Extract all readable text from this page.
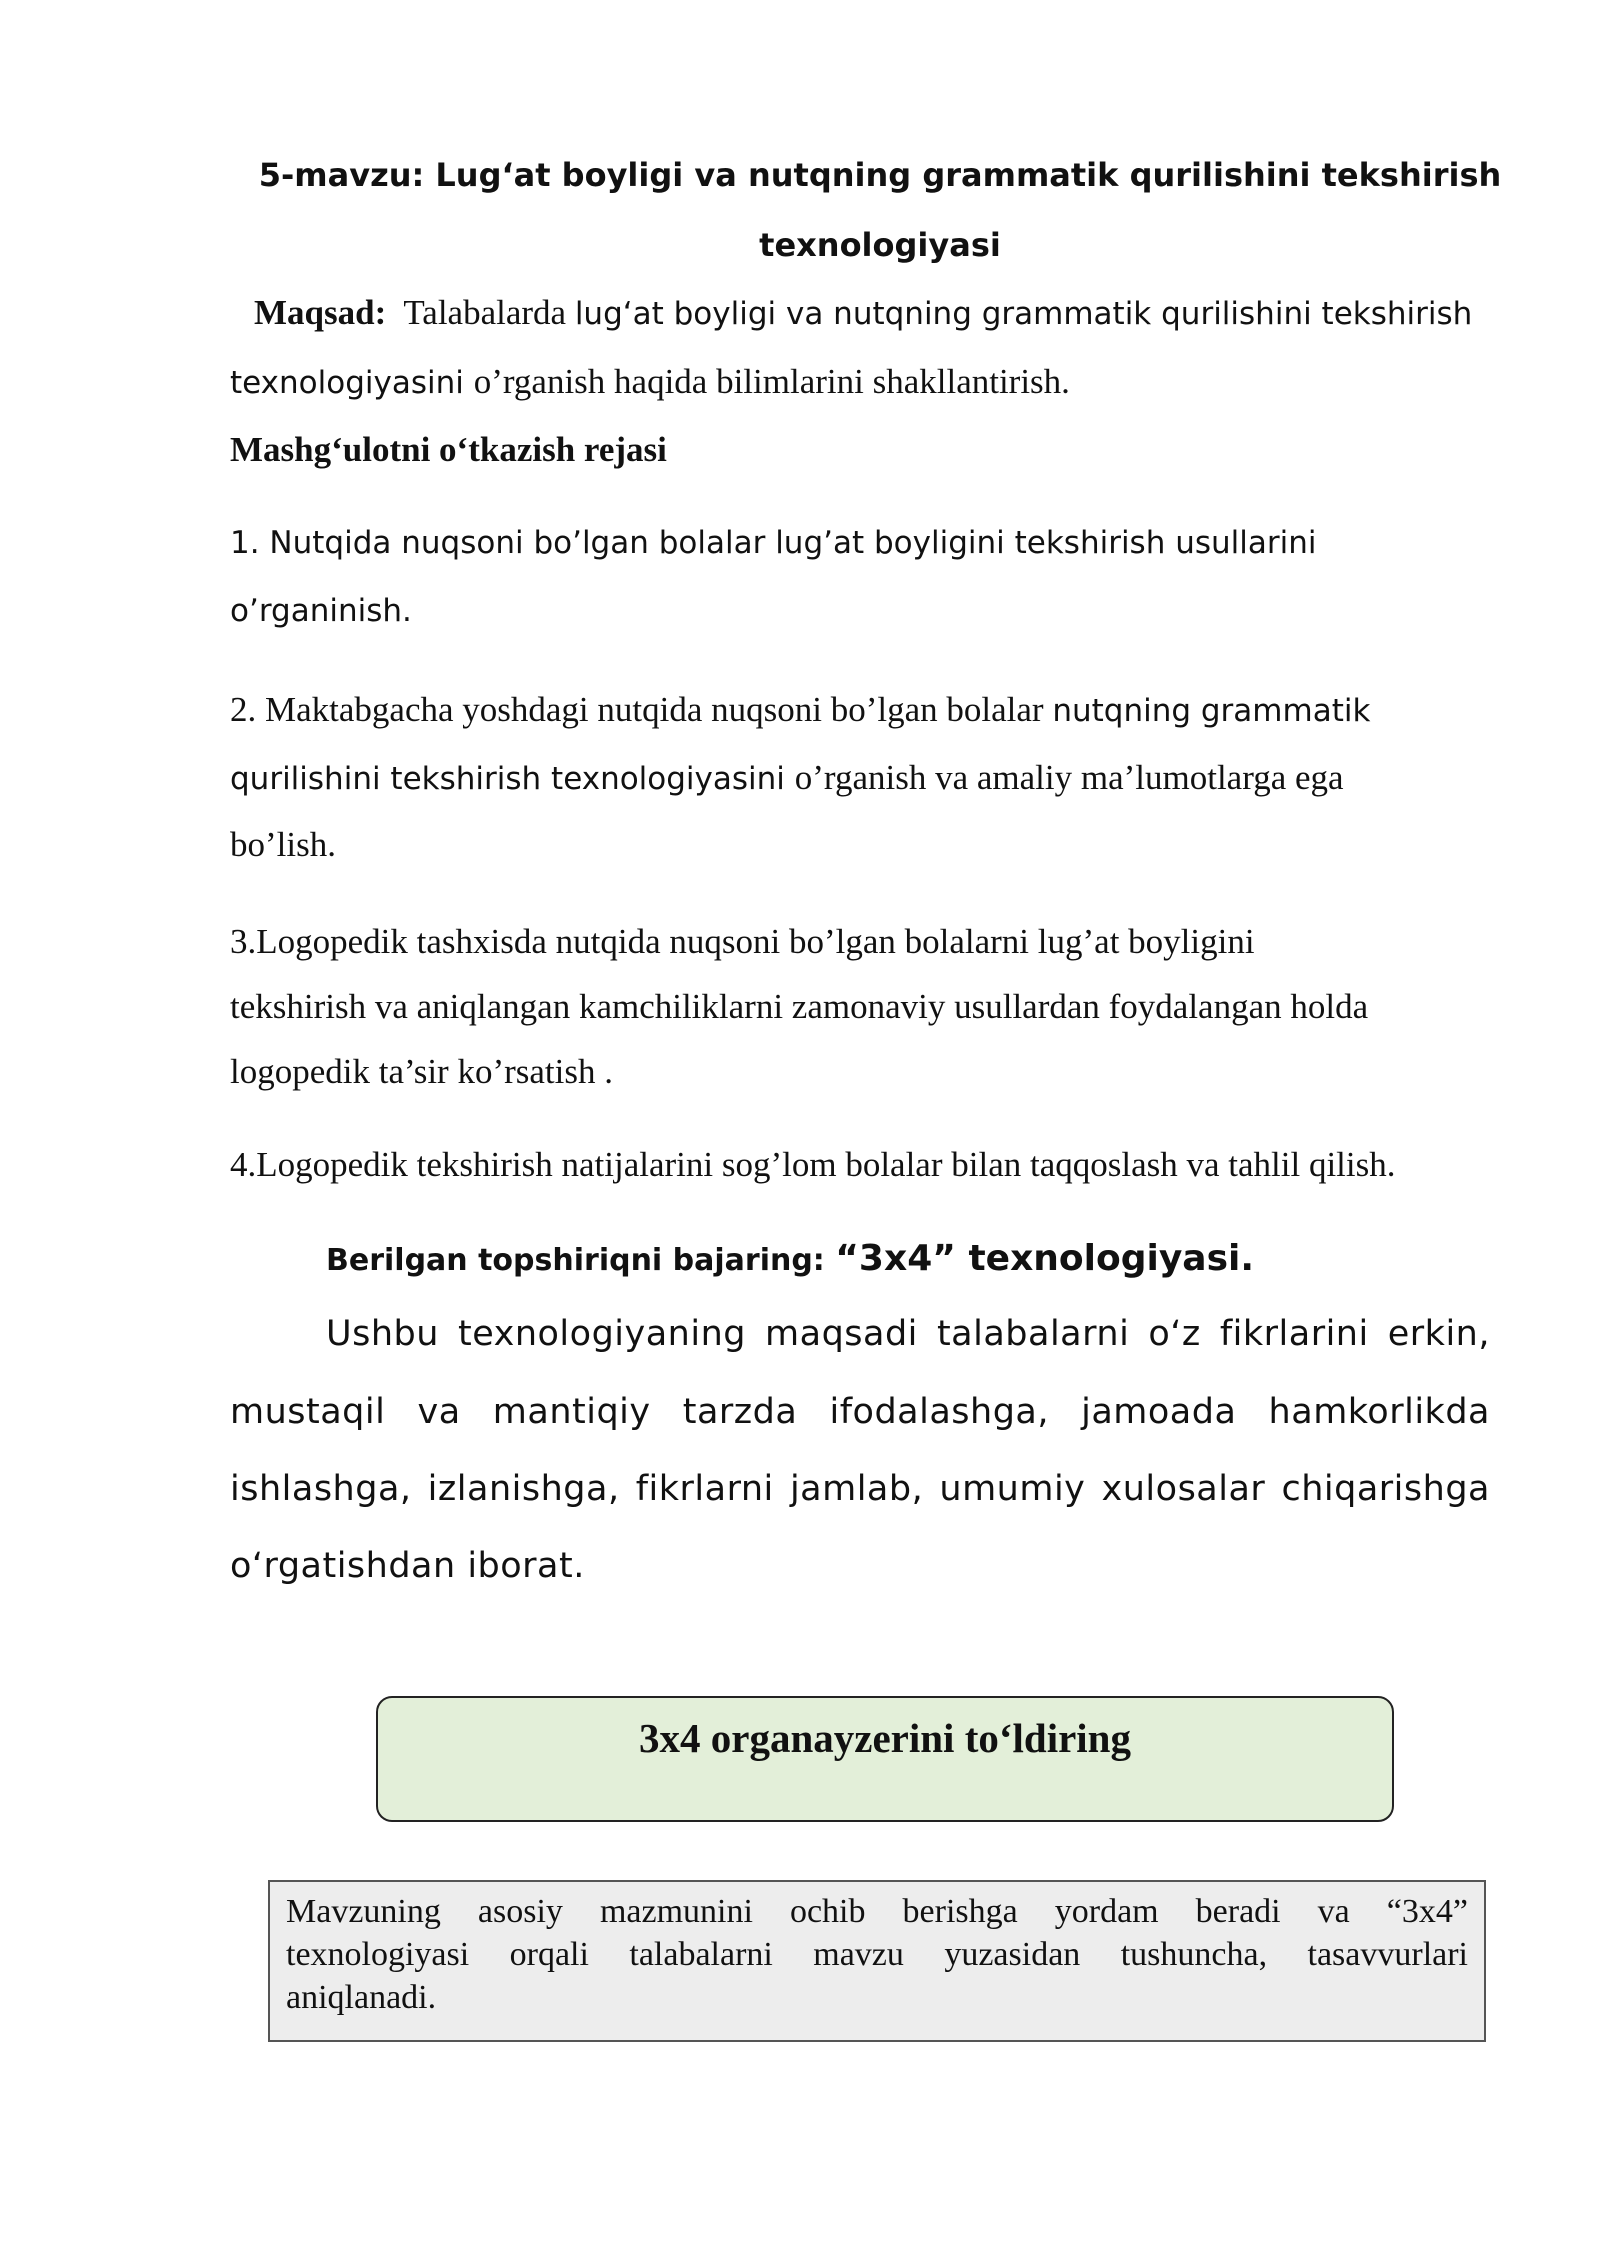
5-mavzu: Lug‘at boyligi va nutqning grammatik qurilishini tekshirish
texnologiyasi
Maqsad: Talabalarda lug‘at boyligi va nutqning grammatik qurilishini tekshirish
texnologiyasini o’rganish haqida bilimlarini shakllantirish.
Mashg‘ulotni o‘tkazish rejasi
1. Nutqida nuqsoni bo’lgan bolalar lug’at boyligini tekshirish usullarini
o’rganinish.
2. Maktabgacha yoshdagi nutqida nuqsoni bo’lgan bolalar nutqning grammatik
qurilishini tekshirish texnologiyasini o’rganish va amaliy ma’lumotlarga ega
bo’lish.
3.Logopedik tashxisda nutqida nuqsoni bo’lgan bolalarni lug’at boyligini
tekshirish va aniqlangan kamchiliklarni zamonaviy usullardan foydalangan holda
logopedik ta’sir ko’rsatish .
4.Logopedik tekshirish natijalarini sog’lom bolalar bilan taqqoslash va tahlil qilish.
Berilgan topshiriqni bajaring: “3x4” texnologiyasi.
Ushbu texnologiyaning maqsadi talabalarni o‘z fikrlarini erkin,
mustaqil va mantiqiy tarzda ifodalashga, jamoada hamkorlikda
ishlashga, izlanishga, fikrlarni jamlab, umumiy xulosalar chiqarishga
o‘rgatishdan iborat.
3x4 organayzerini to‘ldiring
Mavzuning asosiy mazmunini ochib berishga yordam beradi va “3x4”
texnologiyasi orqali talabalarni mavzu yuzasidan tushuncha, tasavvurlari
aniqlanadi.
